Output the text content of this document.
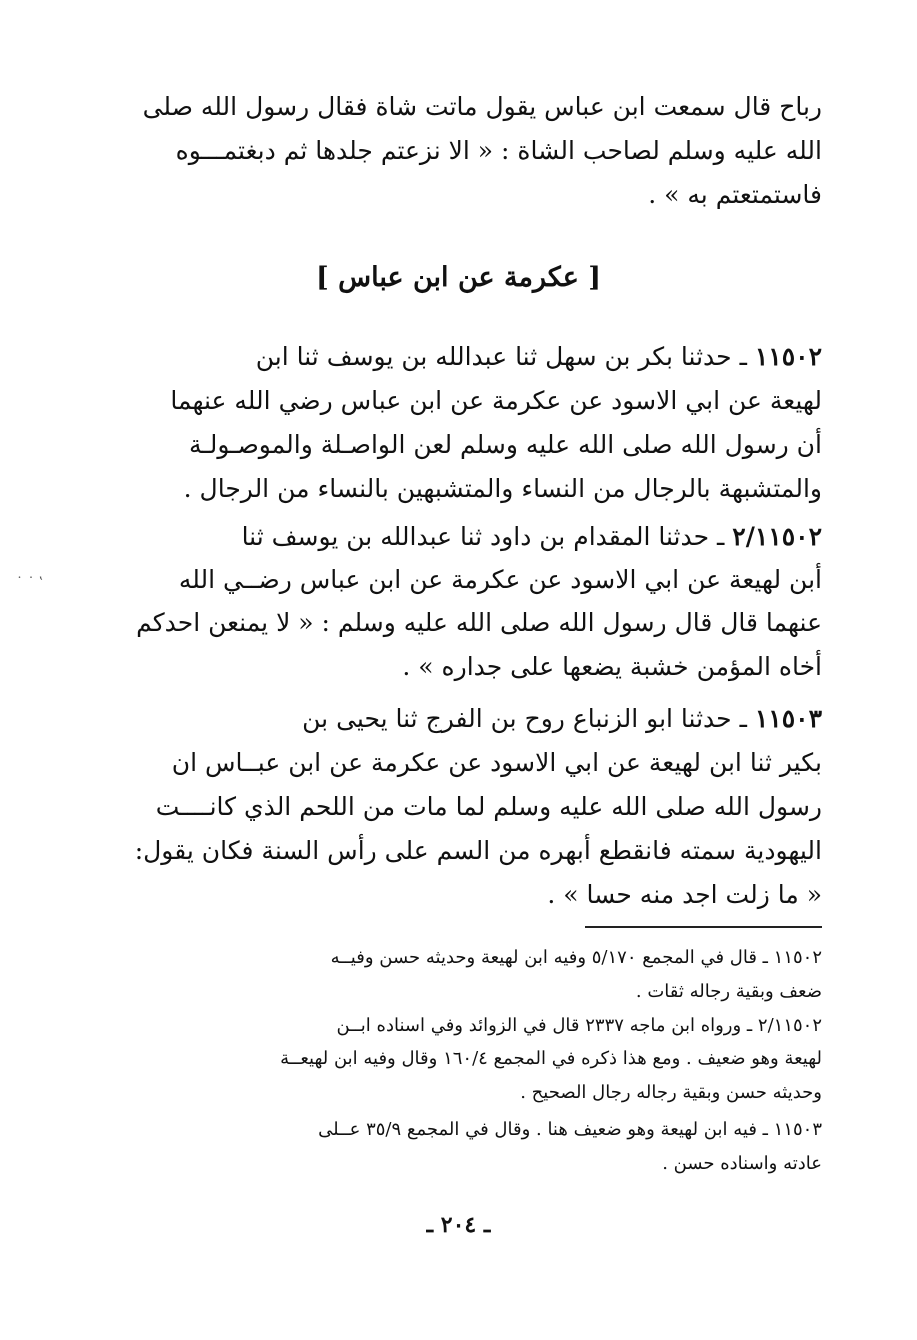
رباح قال سمعت ابن عباس يقول ماتت شاة فقال رسول الله صلى
الله عليه وسلم لصاحب الشاة : « الا نزعتم جلدها ثم دبغتمـــوه
فاستمتعتم به » .
[ عكرمة عن ابن عباس ]
١١٥٠٢ ـ حدثنا بكر بن سهل ثنا عبدالله بن يوسف ثنا ابن
لهيعة عن ابي الاسود عن عكرمة عن ابن عباس رضي الله عنهما
أن رسول الله صلى الله عليه وسلم لعن الواصـلة والموصـولـة
والمتشبهة بالرجال من النساء والمتشبهين بالنساء من الرجال .
٢/١١٥٠٢ ـ حدثنا المقدام بن داود ثنا عبدالله بن يوسف ثنا
أبن لهيعة عن ابي الاسود عن عكرمة عن ابن عباس رضــي الله
عنهما قال قال رسول الله صلى الله عليه وسلم : « لا يمنعن احدكم
أخاه المؤمن خشبة يضعها على جداره » .
١١٥٠٣ ـ حدثنا ابو الزنباع روح بن الفرج ثنا يحيى بن
بكير ثنا ابن لهيعة عن ابي الاسود عن عكرمة عن ابن عبــاس ان
رسول الله صلى الله عليه وسلم لما مات من اللحم الذي كانــــت
اليهودية سمته فانقطع أبهره من السم على رأس السنة فكان يقول:
« ما زلت اجد منه حسا » .
١١٥٠٢ ـ قال في المجمع ٥/١٧٠ وفيه ابن لهيعة وحديثه حسن وفيــه
ضعف وبقية رجاله ثقات .
٢/١١٥٠٢ ـ ورواه ابن ماجه ٢٣٣٧ قال في الزوائد وفي اسناده ابــن
لهيعة وهو ضعيف . ومع هذا ذكره في المجمع ١٦٠/٤ وقال وفيه ابن لهيعــة
وحديثه حسن وبقية رجاله رجال الصحيح .
١١٥٠٣ ـ فيه ابن لهيعة وهو ضعيف هنا . وقال في المجمع ٣٥/٩ عــلى
عادته واسناده حسن .
ـ ٢٠٤ ـ
˙ ˙ ‛
